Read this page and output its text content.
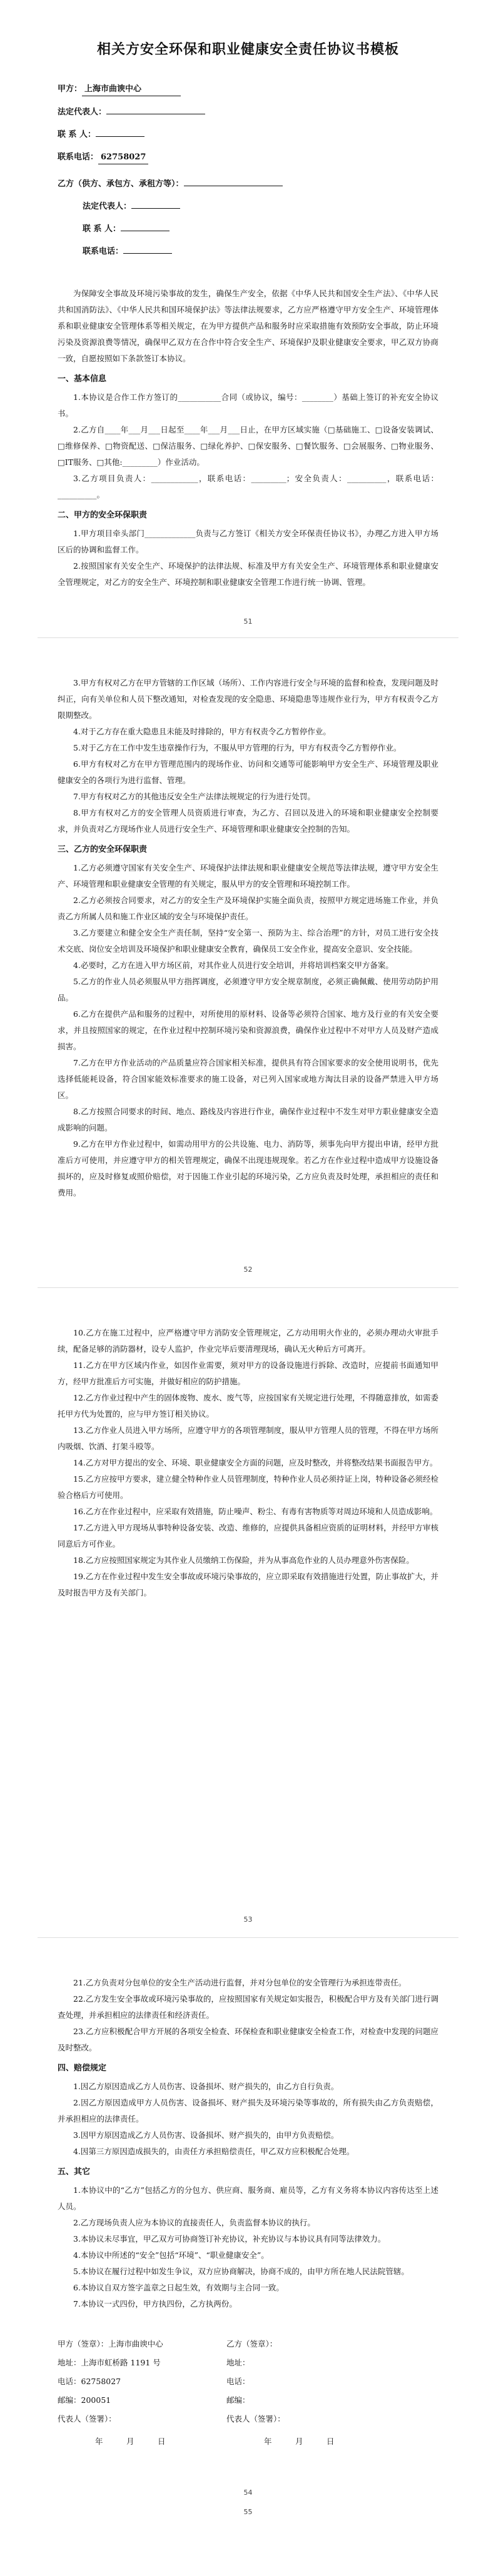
相关方安全环保和职业健康安全责任协议书模板
甲方： 上海市曲谀中心
法定代表人：
联 系 人：
联系电话： 62758027
乙方（供方、承包方、承租方等）：
法定代表人：
联 系 人：
联系电话：

为保障安全事故及环境污染事故的发生，确保生产安全，依据《中华人民共和国安全生产法》、《中华人民共和国消防法》、《中华人民共和国环境保护法》等法律法规要求，乙方应严格遵守甲方安全生产、环境管理体系和职业健康安全管理体系等相关规定，在为甲方提供产品和服务时应采取措施有效预防安全事故，防止环境污染及资源浪费等情况，确保甲乙双方在合作中符合安全生产、环境保护及职业健康安全要求，甲乙双方协商一致，自愿按照如下条款签订本协议。

一、基本信息

1.本协议是合作工作方签订的___________合同（或协议，编号：________）基础上签订的补充安全协议书。

2.乙方自____年___月___日起至____年___月___日止，在甲方区域实施（□基础施工、□设备安装调试、□维修保养、□物资配送、□保洁服务、□绿化养护、□保安服务、□餐饮服务、□会展服务、□物业服务、□IT服务、□其他:_________）作业活动。

3.乙方项目负责人：____________，联系电话：_________；安全负责人：__________，联系电话：__________。

二、甲方的安全环保职责

1.甲方项目牵头部门_____________负责与乙方签订《相关方安全环保责任协议书》，办理乙方进入甲方场区后的协调和监督工作。

2.按照国家有关安全生产、环境保护的法律法规、标准及甲方有关安全生产、环境管理体系和职业健康安全管理规定，对乙方的安全生产、环境控制和职业健康安全管理工作进行统一协调、管理。

51

3.甲方有权对乙方在甲方管辖的工作区域（场所）、工作内容进行安全与环境的监督和检查，发现问题及时纠正，向有关单位和人员下整改通知，对检查发现的安全隐患、环境隐患等违规作业行为，甲方有权责令乙方限期整改。

4.对于乙方存在重大隐患且未能及时排除的，甲方有权责令乙方暂停作业。

5.对于乙方在工作中发生违章操作行为，不服从甲方管理的行为，甲方有权责令乙方暂停作业。

6.甲方有权对乙方在甲方管理范围内的现场作业、访问和交通等可能影响甲方安全生产、环境管理及职业健康安全的各项行为进行监督、管理。

7.甲方有权对乙方的其他违反安全生产法律法规规定的行为进行处罚。

8.甲方有权对乙方的安全管理人员资质进行审查，为乙方、召回以及进入的环境和职业健康安全控制要求，并负责对乙方现场作业人员进行安全生产、环境管理和职业健康安全控制的告知。

三、乙方的安全环保职责

1.乙方必须遵守国家有关安全生产、环境保护法律法规和职业健康安全规范等法律法规，遵守甲方安全生产、环境管理和职业健康安全管理的有关规定，服从甲方的安全管理和环境控制工作。

2.乙方必须按合同要求，对乙方的安全生产及环境保护实施全面负责，按照甲方规定进场施工作业，并负责乙方所属人员和施工作业区域的安全与环境保护责任。

3.乙方要建立和健全安全生产责任制，坚持“安全第一、预防为主、综合治理”的方针，对员工进行安全技术交底、岗位安全培训及环境保护和职业健康安全教育，确保员工安全作业，提高安全意识、安全技能。

4.必要时，乙方在进入甲方场区前，对其作业人员进行安全培训，并将培训档案交甲方备案。

5.乙方的作业人员必须服从甲方指挥调度，必须遵守甲方安全规章制度，必须正确佩戴、使用劳动防护用品。

6.乙方在提供产品和服务的过程中，对所使用的原材料、设备等必须符合国家、地方及行业的有关安全要求，并且按照国家的规定，在作业过程中控制环境污染和资源浪费，确保作业过程中不对甲方人员及财产造成损害。

7.乙方在甲方作业活动的产品质量应符合国家相关标准，提供具有符合国家要求的安全使用说明书，优先选择低能耗设备，符合国家能效标准要求的施工设备，对已列入国家或地方淘汰目录的设备严禁进入甲方场区。

8.乙方按照合同要求的时间、地点、路线及内容进行作业，确保作业过程中不发生对甲方职业健康安全造成影响的问题。

9.乙方在甲方作业过程中，如需动用甲方的公共设施、电力、消防等，须事先向甲方提出申请，经甲方批准后方可使用，并应遵守甲方的相关管理规定，确保不出现违规现象。若乙方在作业过程中造成甲方设施设备损坏的，应及时修复或照价赔偿，对于因施工作业引起的环境污染，乙方应负责及时处理，承担相应的责任和费用。

52

10.乙方在施工过程中，应严格遵守甲方消防安全管理规定，乙方动用明火作业的，必须办理动火审批手续，配备足够的消防器材，设专人监护，作业完毕后要清理现场，确认无火种后方可离开。

11.乙方在甲方区域内作业，如因作业需要，须对甲方的设备设施进行拆除、改造时，应提前书面通知甲方，经甲方批准后方可实施，并做好相应的防护措施。

12.乙方作业过程中产生的固体废物、废水、废气等，应按国家有关规定进行处理，不得随意排放，如需委托甲方代为处置的，应与甲方签订相关协议。

13.乙方作业人员进入甲方场所，应遵守甲方的各项管理制度，服从甲方管理人员的管理，不得在甲方场所内吸烟、饮酒、打架斗殴等。

14.乙方对甲方提出的安全、环境、职业健康安全方面的问题，应及时整改，并将整改结果书面报告甲方。

15.乙方应按甲方要求，建立健全特种作业人员管理制度，特种作业人员必须持证上岗，特种设备必须经检验合格后方可使用。

16.乙方在作业过程中，应采取有效措施，防止噪声、粉尘、有毒有害物质等对周边环境和人员造成影响。

17.乙方进入甲方现场从事特种设备安装、改造、维修的，应提供具备相应资质的证明材料，并经甲方审核同意后方可作业。

18.乙方应按照国家规定为其作业人员缴纳工伤保险，并为从事高危作业的人员办理意外伤害保险。

19.乙方在作业过程中发生安全事故或环境污染事故的，应立即采取有效措施进行处置，防止事故扩大，并及时报告甲方及有关部门。

53

21.乙方负责对分包单位的安全生产活动进行监督，并对分包单位的安全管理行为承担连带责任。

22.乙方发生安全事故或环境污染事故的，应按照国家有关规定如实报告，积极配合甲方及有关部门进行调查处理，并承担相应的法律责任和经济责任。

23.乙方应积极配合甲方开展的各项安全检查、环保检查和职业健康安全检查工作，对检查中发现的问题应及时整改。

四、赔偿规定

1.因乙方原因造成乙方人员伤害、设备损坏、财产损失的，由乙方自行负责。

2.因乙方原因造成甲方人员伤害、设备损坏、财产损失及环境污染等事故的，所有损失由乙方负责赔偿，并承担相应的法律责任。

3.因甲方原因造成乙方人员伤害、设备损坏、财产损失的，由甲方负责赔偿。

4.因第三方原因造成损失的，由责任方承担赔偿责任，甲乙双方应积极配合处理。

五、其它

1.本协议中的“乙方”包括乙方的分包方、供应商、服务商、雇员等，乙方有义务将本协议内容传达至上述人员。

2.乙方现场负责人应为本协议的直接责任人，负责监督本协议的执行。

3.本协议未尽事宜，甲乙双方可协商签订补充协议，补充协议与本协议具有同等法律效力。

4.本协议中所述的“安全”包括“环境”、“职业健康安全”。

5.本协议在履行过程中如发生争议，双方应协商解决，协商不成的，由甲方所在地人民法院管辖。

6.本协议自双方签字盖章之日起生效，有效期与主合同一致。

7.本协议一式四份，甲方执四份，乙方执两份。

甲方（签章）：上海市曲谀中心	乙方（签章）：
地址：上海市虹桥路 1191 号	地址：
电话：62758027	电话：
邮编：200051	邮编：
代表人（签署）：	代表人（签署）：
年　　　月　　　日	年　　　月　　　日
54
55
